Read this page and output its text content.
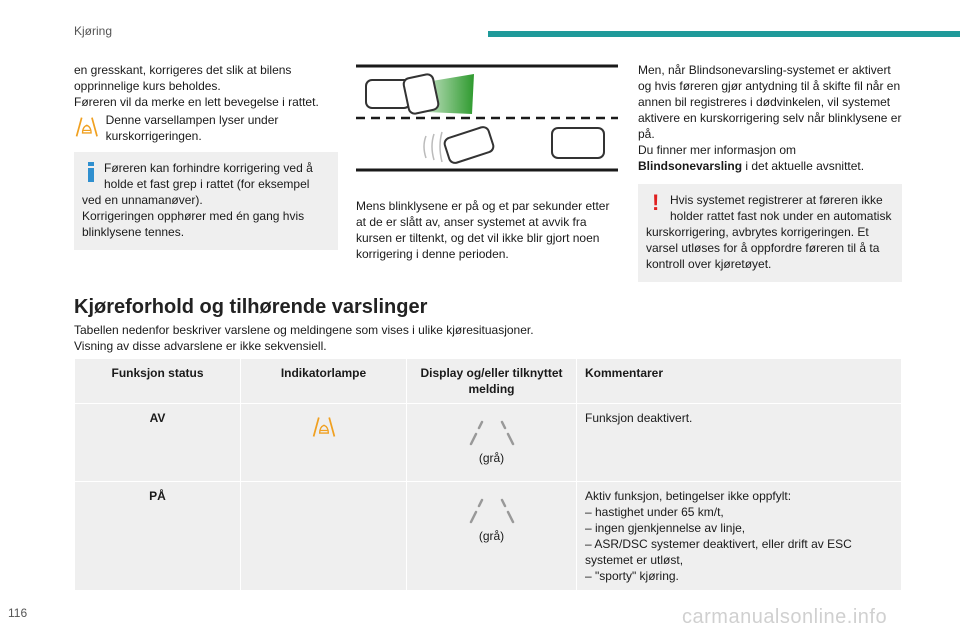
Kjøring

en gresskant, korrigeres det slik at bilens opprinnelige kurs beholdes.

Føreren vil da merke en lett bevegelse i rattet.

Denne varsellampen lyser under kurskorrigeringen.

Føreren kan forhindre korrigering ved å holde et fast grep i rattet (for eksempel ved en unnamanøver).

Korrigeringen opphører med én gang hvis blinklysene tennes.

Mens blinklysene er på og et par sekunder etter at de er slått av, anser systemet at avvik fra kursen er tiltenkt, og det vil ikke blir gjort noen korrigering i denne perioden.

Men, når Blindsonevarsling-systemet er aktivert og hvis føreren gjør antydning til å skifte fil når en annen bil registreres i dødvinkelen, vil systemet aktivere en kurskorrigering selv når blinklysene er på.

Du finner mer informasjon om Blindsonevarsling i det aktuelle avsnittet.

! Hvis systemet registrerer at føreren ikke holder rattet fast nok under en automatisk kurskorrigering, avbrytes korrigeringen. Et varsel utløses for å oppfordre føreren til å ta kontroll over kjøretøyet.

Kjøreforhold og tilhørende varslinger
Tabellen nedenfor beskriver varslene og meldingene som vises i ulike kjøresituasjoner.
Visning av disse advarslene er ikke sekvensiell.
Funksjon status	Indikatorlampe	Display og/eller tilknyttet melding	Kommentarer
AV		(grå)	Funksjon deaktivert.
PÅ		(grå)	Aktiv funksjon, betingelser ikke oppfylt:
– hastighet under 65 km/t,
– ingen gjenkjennelse av linje,
– ASR/DSC systemer deaktivert, eller drift av ESC systemet er utløst,
– "sporty" kjøring.
116	carmanualsonline.info
